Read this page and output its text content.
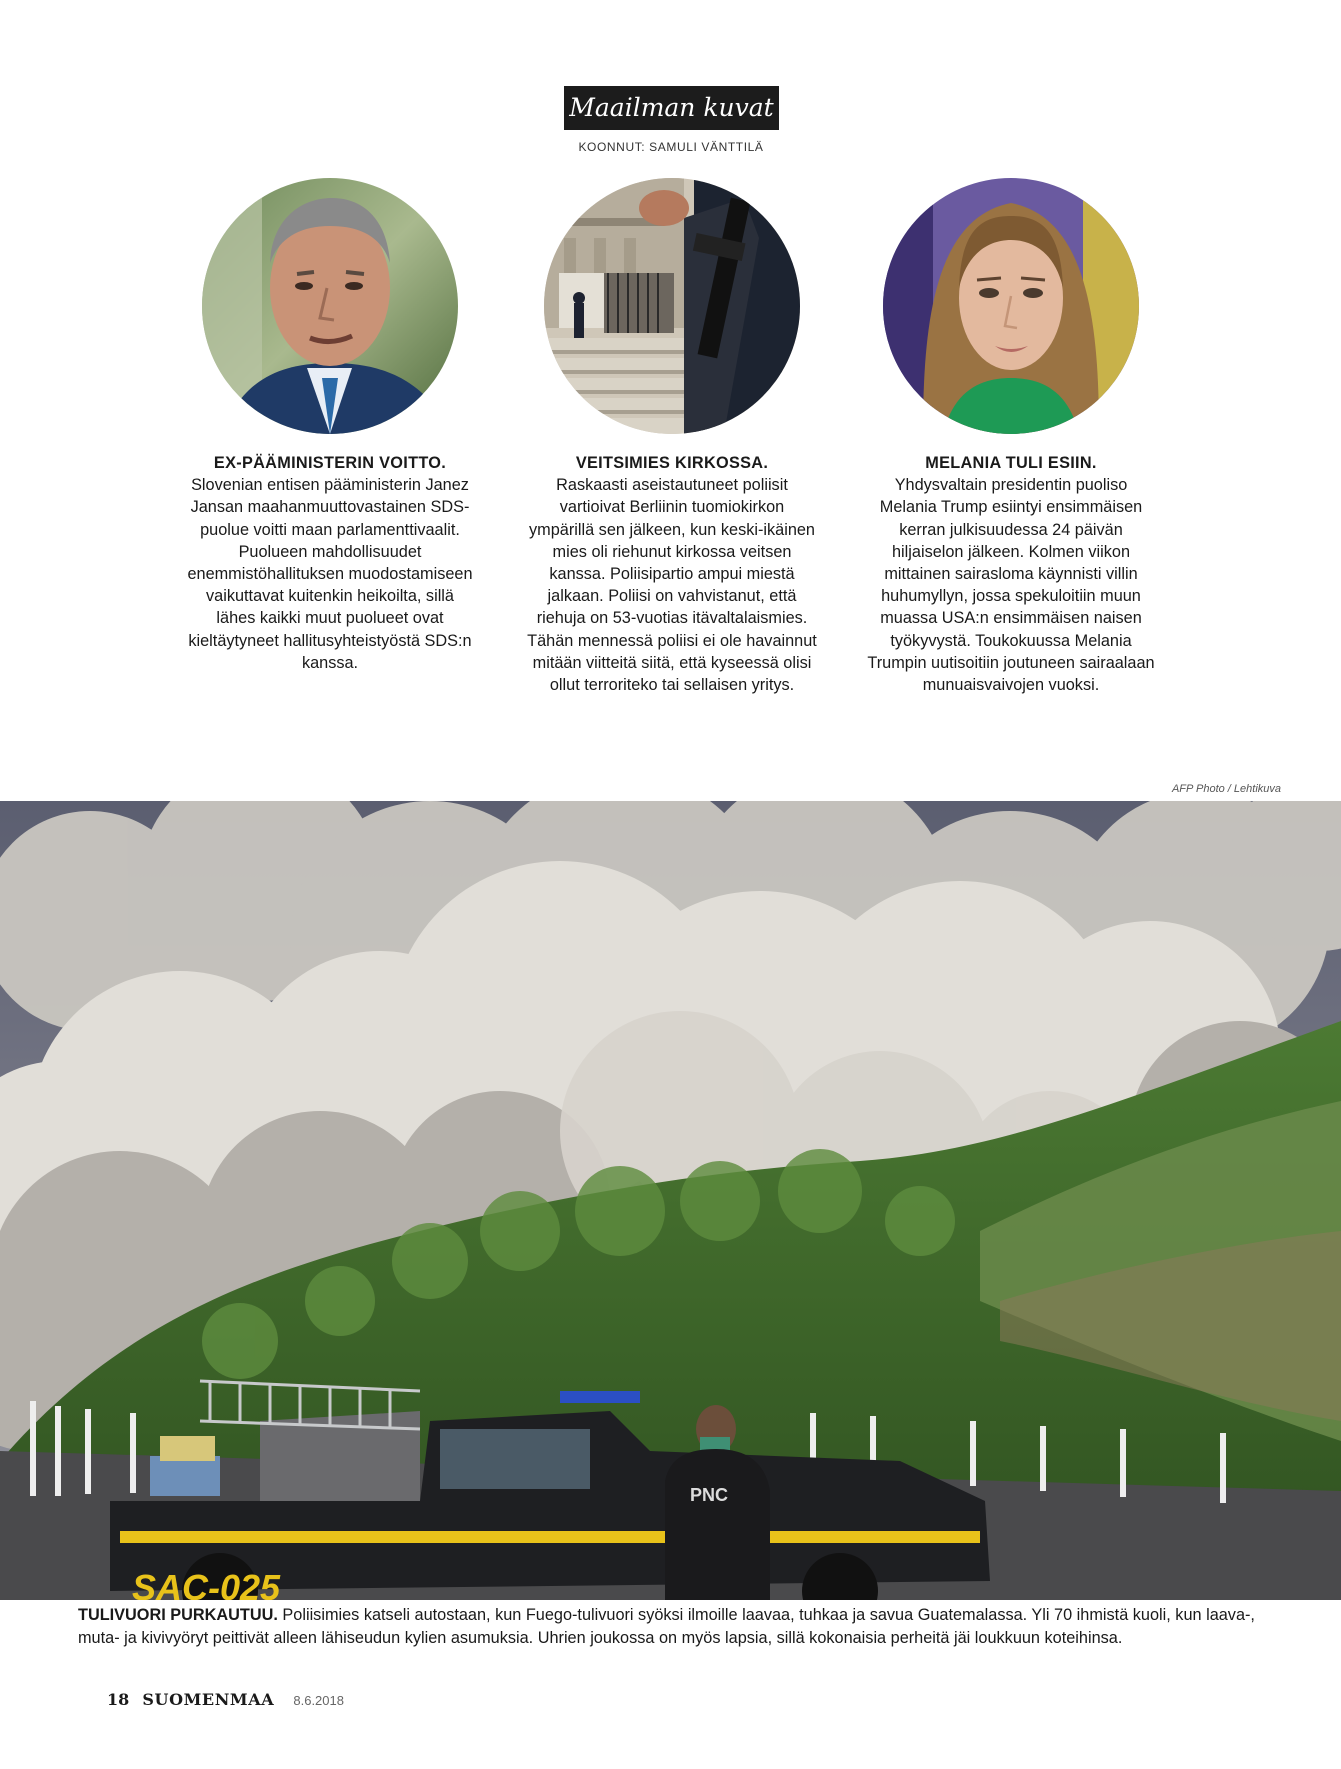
Maailman kuvat
KOONNUT: SAMULI VÄNTTILÄ
EX-PÄÄMINISTERIN VOITTO.
Slovenian entisen pääministerin Janez Jansan maahanmuuttovastainen SDS-puolue voitti maan parlamenttivaalit. Puolueen mahdollisuudet enemmistöhallituksen muodostamiseen vaikuttavat kuitenkin heikoilta, sillä lähes kaikki muut puolueet ovat kieltäytyneet hallitusyhteistyöstä SDS:n kanssa.
VEITSIMIES KIRKOSSA.
Raskaasti aseistautuneet poliisit vartioivat Berliinin tuomiokirkon ympärillä sen jälkeen, kun keski-ikäinen mies oli riehunut kirkossa veitsen kanssa. Poliisipartio ampui miestä jalkaan. Poliisi on vahvistanut, että riehuja on 53-vuotias itävaltalaismies. Tähän mennessä poliisi ei ole havainnut mitään viitteitä siitä, että kyseessä olisi ollut terroriteko tai sellaisen yritys.
MELANIA TULI ESIIN.
Yhdysvaltain presidentin puoliso Melania Trump esiintyi ensimmäisen kerran julkisuudessa 24 päivän hiljaiselon jälkeen. Kolmen viikon mittainen sairasloma käynnisti villin huhumyllyn, jossa spekuloitiin muun muassa USA:n ensimmäisen naisen työkyvystä. Toukokuussa Melania Trumpin uutisoitiin joutuneen sairaalaan munuaisvaivojen vuoksi.
AFP Photo / Lehtikuva
SAC-025
PNC
TULIVUORI PURKAUTUU. Poliisimies katseli autostaan, kun Fuego-tulivuori syöksi ilmoille laavaa, tuhkaa ja savua Guatemalassa. Yli 70 ihmistä kuoli, kun laava-, muta- ja kivivyöryt peittivät alleen lähiseudun kylien asumuksia. Uhrien joukossa on myös lapsia, sillä kokonaisia perheitä jäi loukkuun koteihinsa.
18 SUOMENMAA 8.6.2018
